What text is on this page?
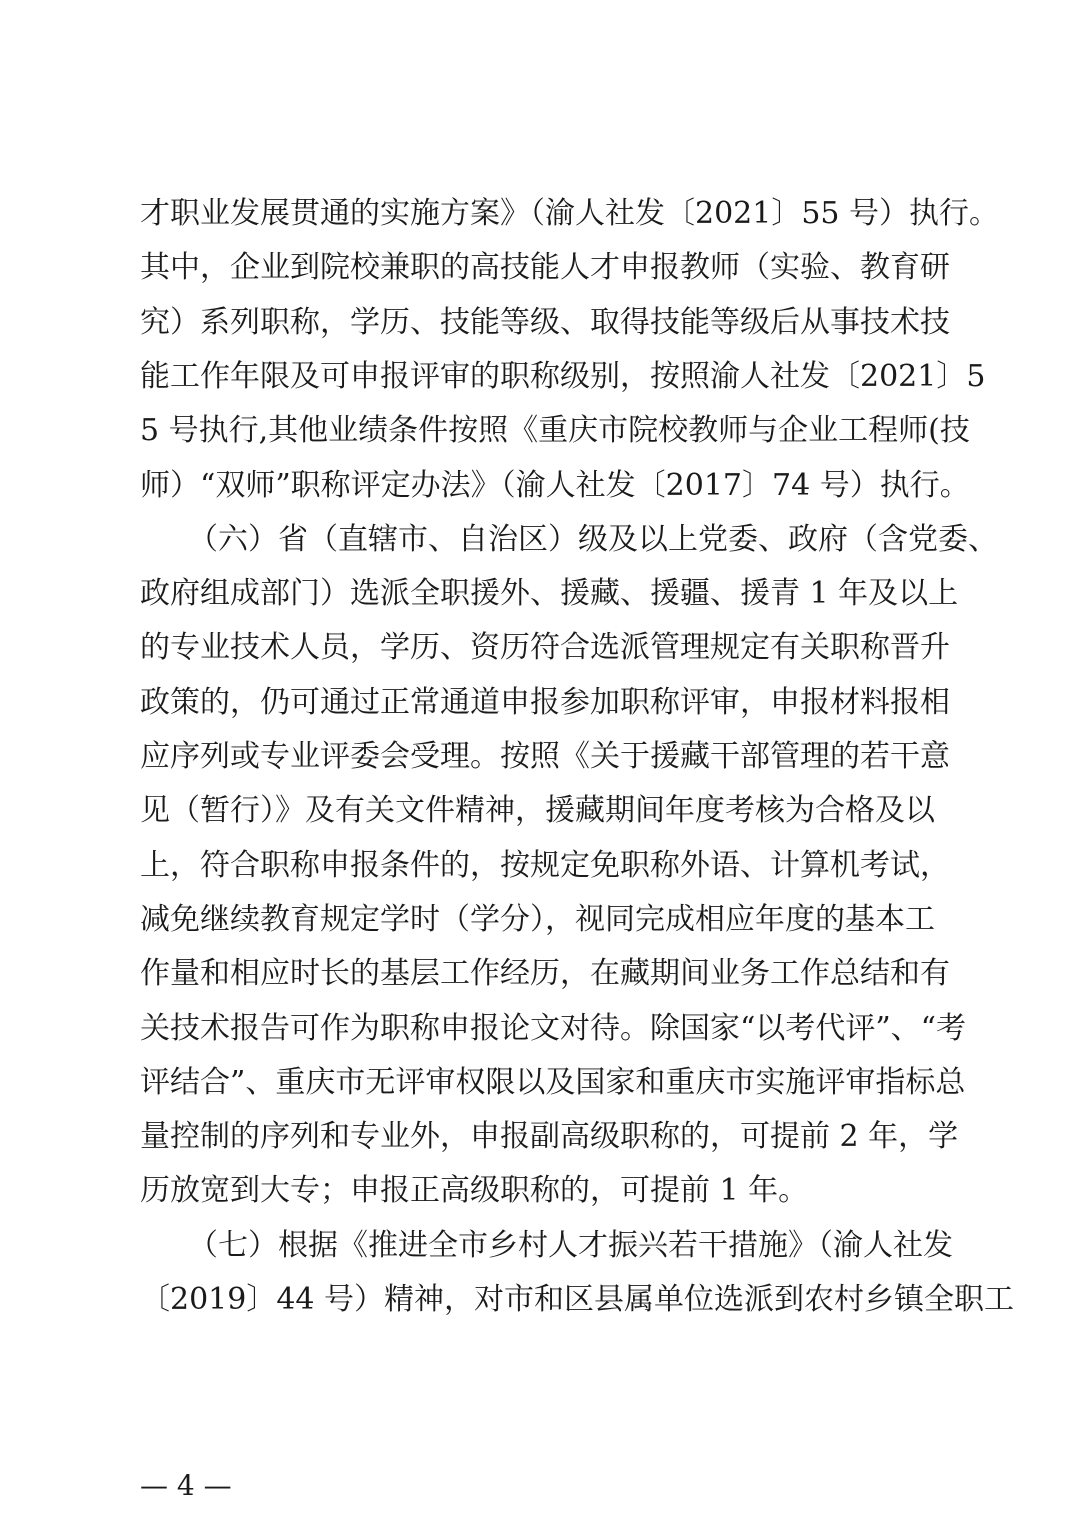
才职业发展贯通的实施方案》（渝人社发〔2021〕55 号）执行。
其中，企业到院校兼职的高技能人才申报教师（实验、教育研
究）系列职称，学历、技能等级、取得技能等级后从事技术技
能工作年限及可申报评审的职称级别，按照渝人社发〔2021〕5
5 号执行,其他业绩条件按照《重庆市院校教师与企业工程师(技
师）“双师”职称评定办法》（渝人社发〔2017〕74 号）执行。
（六）省（直辖市、自治区）级及以上党委、政府（含党委、
政府组成部门）选派全职援外、援藏、援疆、援青 1 年及以上
的专业技术人员，学历、资历符合选派管理规定有关职称晋升
政策的，仍可通过正常通道申报参加职称评审，申报材料报相
应序列或专业评委会受理。按照《关于援藏干部管理的若干意
见（暂行）》及有关文件精神，援藏期间年度考核为合格及以
上，符合职称申报条件的，按规定免职称外语、计算机考试，
减免继续教育规定学时（学分），视同完成相应年度的基本工
作量和相应时长的基层工作经历，在藏期间业务工作总结和有
关技术报告可作为职称申报论文对待。除国家“以考代评”、“考
评结合”、重庆市无评审权限以及国家和重庆市实施评审指标总
量控制的序列和专业外，申报副高级职称的，可提前 2 年，学
历放宽到大专；申报正高级职称的，可提前 1 年。
— 4 —
（七）根据《推进全市乡村人才振兴若干措施》（渝人社发
〔2019〕44 号）精神，对市和区县属单位选派到农村乡镇全职工
